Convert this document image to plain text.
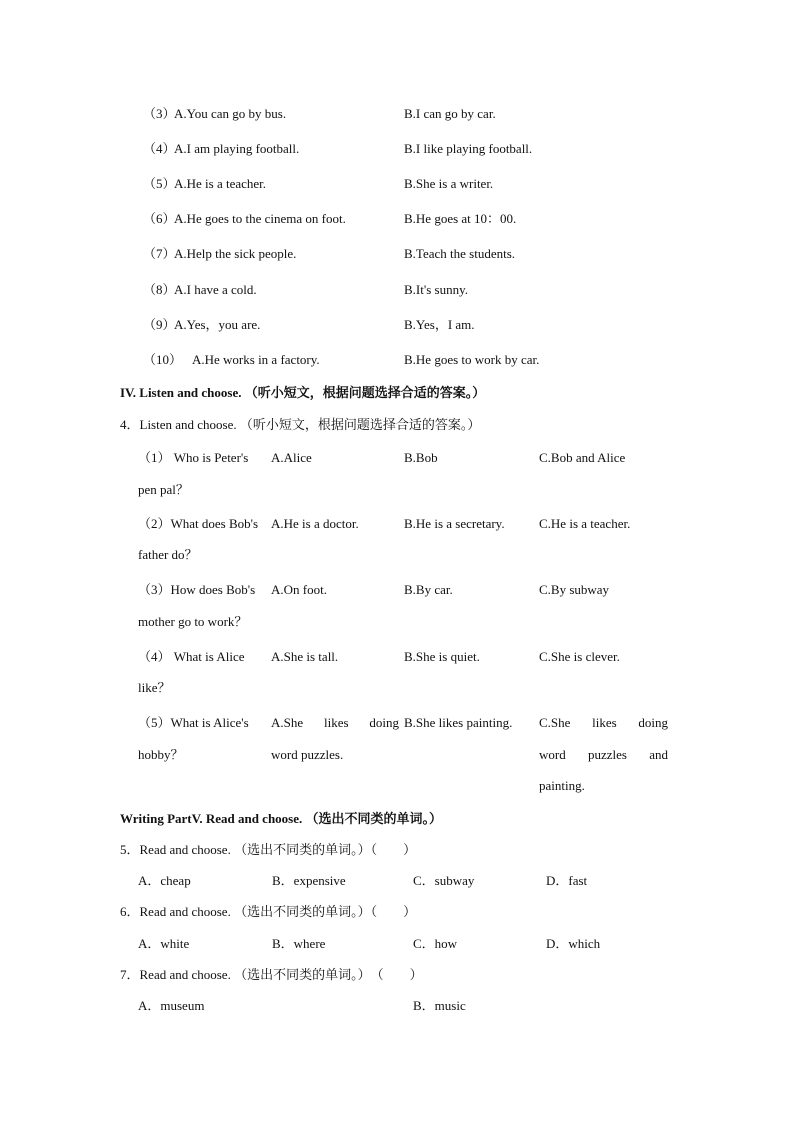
（3）
A.You can go by bus.	B.I can go by car.
（4）
A.I am playing football.	B.I like playing football.
（5）
A.He is a teacher.	B.She is a writer.
（6）
A.He goes to the cinema on foot.	B.He goes at 10：00.
（7）
A.Help the sick people.	B.Teach the students.
（8）
A.I have a cold.	B.It's sunny.
（9）
A.Yes，you are.	B.Yes，I am.
（10） A.He works in a factory.	B.He goes to work by car.
IV. Listen and choose. （听小短文，根据问题选择合适的答案。）
4．Listen and choose. （听小短文，根据问题选择合适的答案。）
（1） Who is Peter's
pen pal？
A.Alice	B.Bob	C.Bob and Alice
（2）What does Bob's
father do？
A.He is a doctor.	B.He is a secretary.	C.He is a teacher.
（3）How does Bob's
mother go to work？
A.On foot.	B.By car.	C.By subway
（4） What is Alice
like？
A.She is tall.	B.She is quiet.	C.She is clever.
（5）What is Alice's
hobby？
A.She likes doing
word puzzles.
B.She likes painting. C.She likes doing
word puzzles and
painting.
Writing PartV. Read and choose. （选出不同类的单词。）
5．Read and choose. （选出不同类的单词。）（　　）
A．cheap	B．expensive	C．subway	D．fast
6．Read and choose. （选出不同类的单词。）（　　）
A．white	B．where	C．how	D．which
7．Read and choose. （选出不同类的单词。）　（　　）
A．museum	B．music
